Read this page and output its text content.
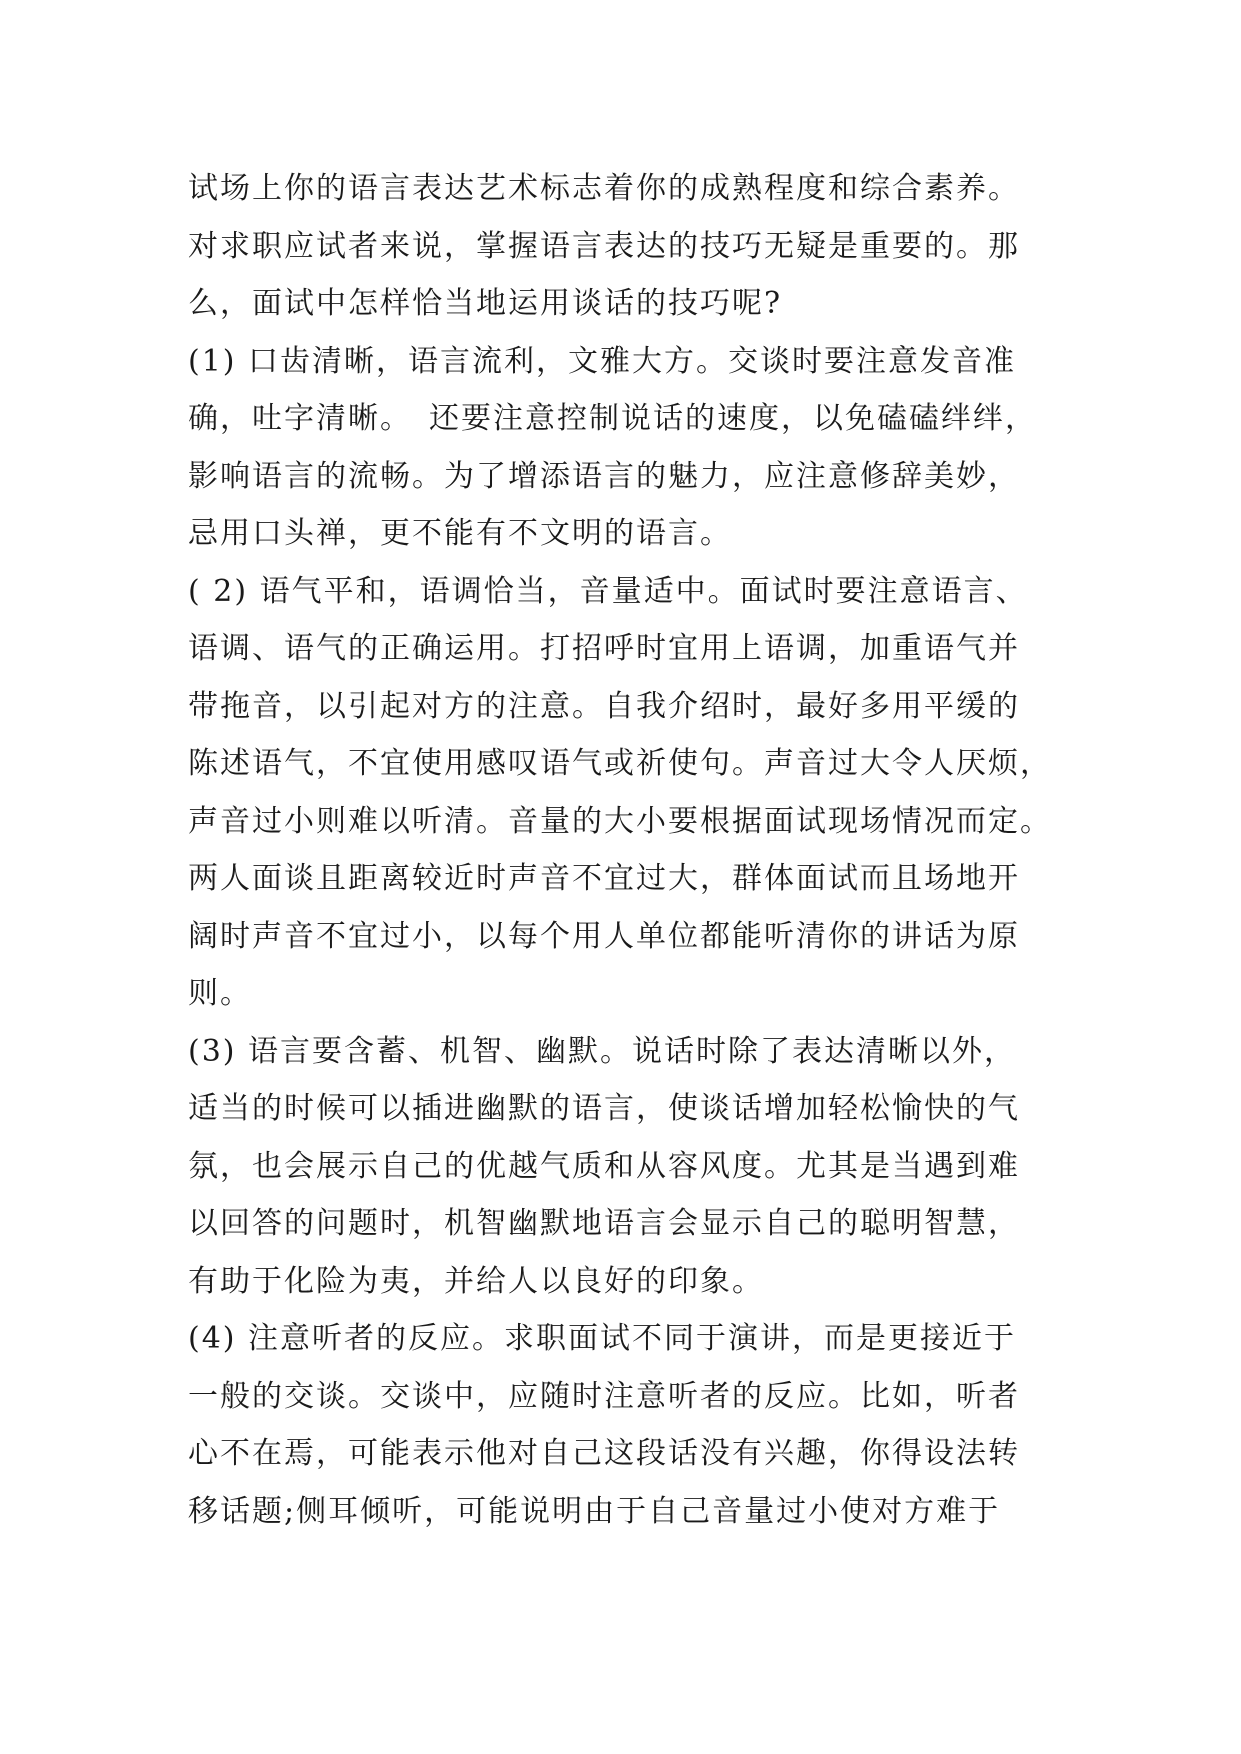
试场上你的语言表达艺术标志着你的成熟程度和综合素养。
对求职应试者来说，掌握语言表达的技巧无疑是重要的。那
么，面试中怎样恰当地运用谈话的技巧呢?
(1) 口齿清晰，语言流利，文雅大方。交谈时要注意发音准
确，吐字清晰。　还要注意控制说话的速度，以免磕磕绊绊，
影响语言的流畅。为了增添语言的魅力，应注意修辞美妙，
忌用口头禅，更不能有不文明的语言。
( 2) 语气平和，语调恰当，音量适中。面试时要注意语言、
语调、语气的正确运用。打招呼时宜用上语调，加重语气并
带拖音，以引起对方的注意。自我介绍时，最好多用平缓的
陈述语气，不宜使用感叹语气或祈使句。声音过大令人厌烦，
声音过小则难以听清。音量的大小要根据面试现场情况而定。
两人面谈且距离较近时声音不宜过大，群体面试而且场地开
阔时声音不宜过小，以每个用人单位都能听清你的讲话为原
则。
(3) 语言要含蓄、机智、幽默。说话时除了表达清晰以外，
适当的时候可以插进幽默的语言，使谈话增加轻松愉快的气
氛，也会展示自己的优越气质和从容风度。尤其是当遇到难
以回答的问题时，机智幽默地语言会显示自己的聪明智慧，
有助于化险为夷，并给人以良好的印象。
(4) 注意听者的反应。求职面试不同于演讲，而是更接近于
一般的交谈。交谈中，应随时注意听者的反应。比如，听者
心不在焉，可能表示他对自己这段话没有兴趣，你得设法转
移话题;侧耳倾听，可能说明由于自己音量过小使对方难于
